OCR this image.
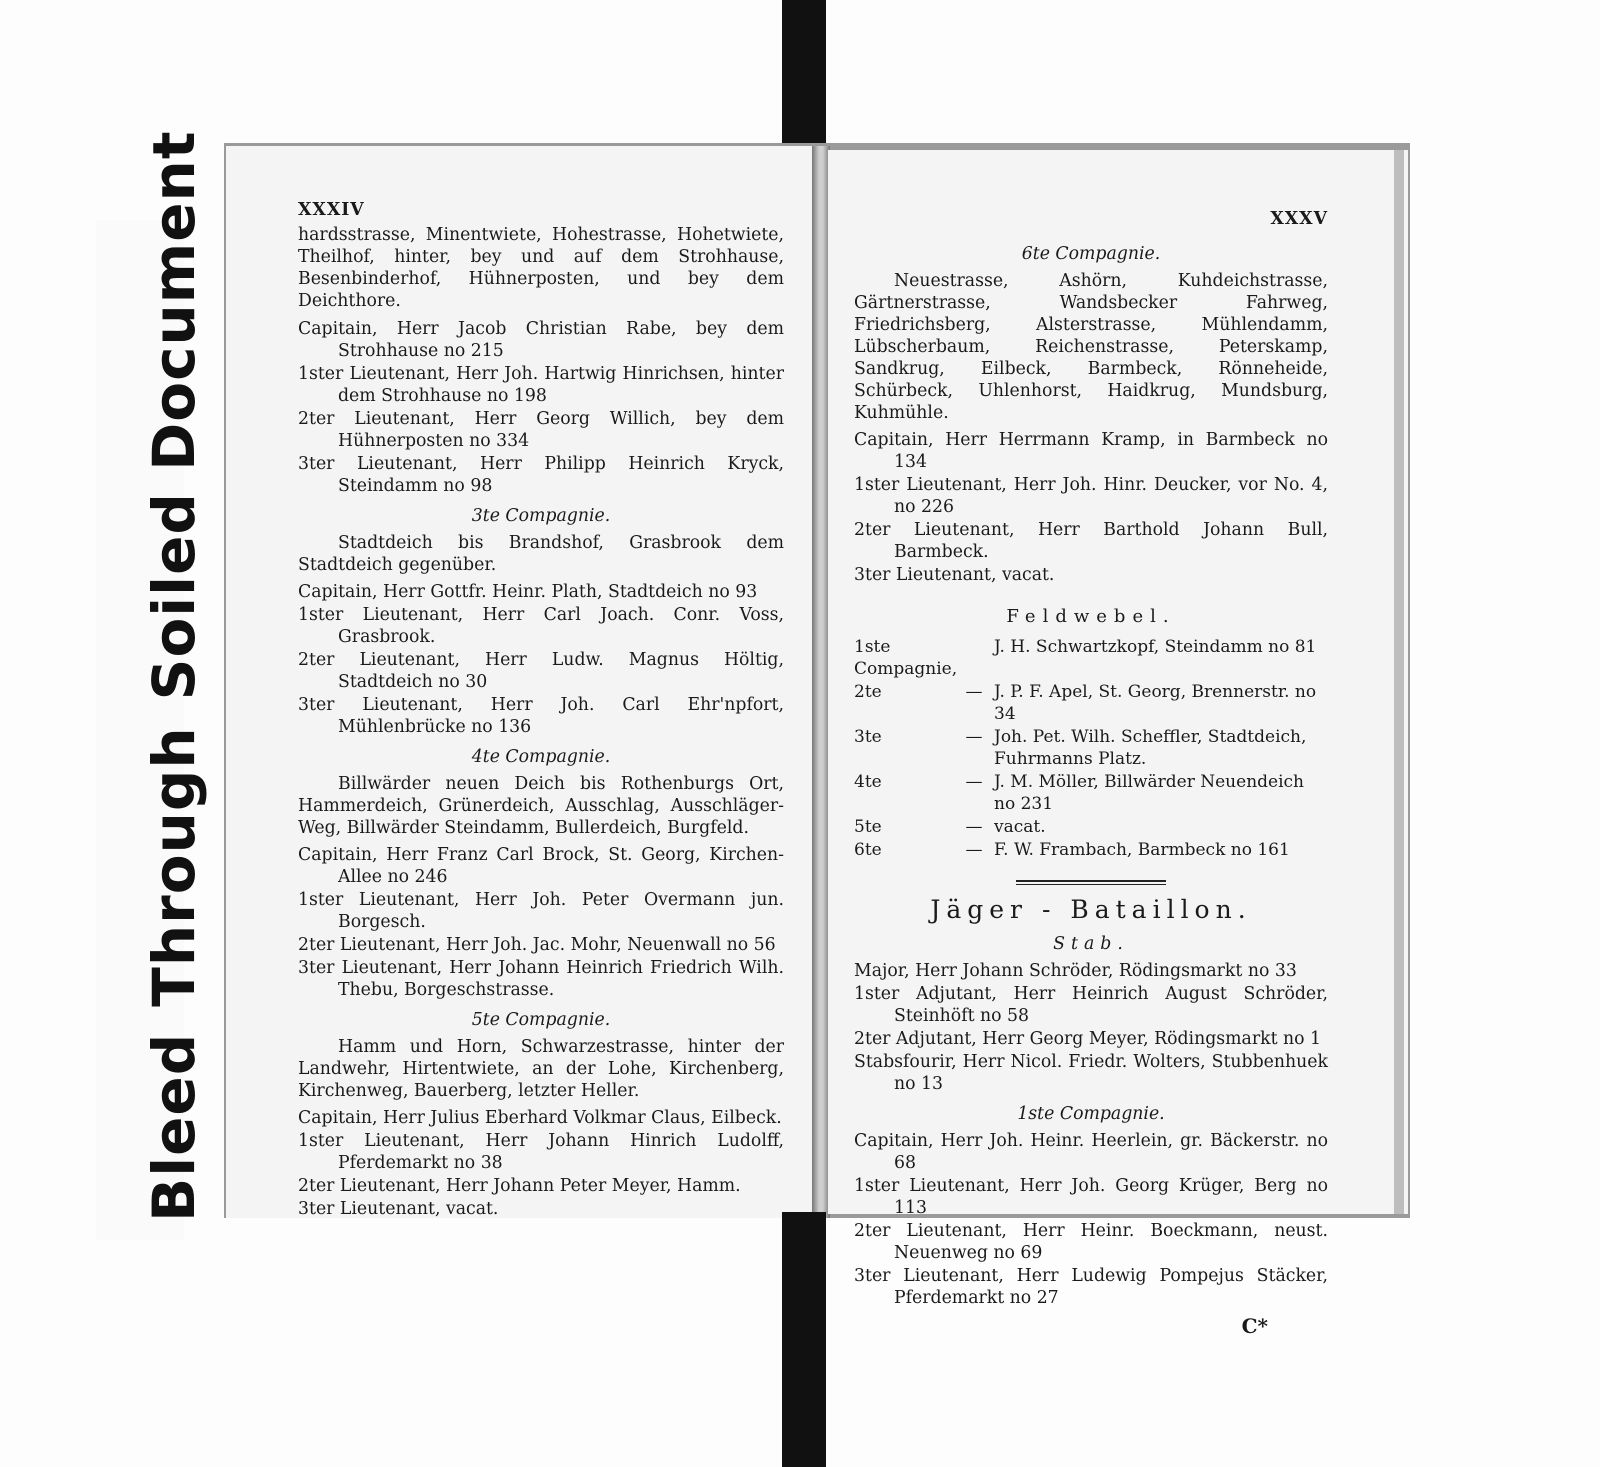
BleedThroughSoiled Document	XXXIV

hardsstrasse, Minentwiete, Hohestrasse, Hohetwiete, Theilhof, hinter, bey und auf dem Strohhause, Besenbinderhof, Hühnerposten, und bey dem Deichthore.

Capitain, Herr Jacob Christian Rabe, bey dem Strohhause no 215

1ster Lieutenant, Herr Joh. Hartwig Hinrichsen, hinter dem Strohhause no 198

2ter Lieutenant, Herr Georg Willich, bey dem Hühnerposten no 334

3ter Lieutenant, Herr Philipp Heinrich Kryck, Steindamm no 98

3te Compagnie.

Stadtdeich bis Brandshof, Grasbrook dem Stadtdeich gegenüber.

Capitain, Herr Gottfr. Heinr. Plath, Stadtdeich no 93

1ster Lieutenant, Herr Carl Joach. Conr. Voss, Grasbrook.

2ter Lieutenant, Herr Ludw. Magnus Höltig, Stadtdeich no 30

3ter Lieutenant, Herr Joh. Carl Ehr'npfort, Mühlenbrücke no 136

4te Compagnie.

Billwärder neuen Deich bis Rothenburgs Ort, Hammerdeich, Grünerdeich, Ausschlag, Ausschläger-Weg, Billwärder Steindamm, Bullerdeich, Burgfeld.

Capitain, Herr Franz Carl Brock, St. Georg, Kirchen-Allee no 246

1ster Lieutenant, Herr Joh. Peter Overmann jun. Borgesch.

2ter Lieutenant, Herr Joh. Jac. Mohr, Neuenwall no 56

3ter Lieutenant, Herr Johann Heinrich Friedrich Wilh. Thebu, Borgeschstrasse.

5te Compagnie.

Hamm und Horn, Schwarzestrasse, hinter der Landwehr, Hirtentwiete, an der Lohe, Kirchenberg, Kirchenweg, Bauerberg, letzter Heller.

Capitain, Herr Julius Eberhard Volkmar Claus, Eilbeck.

1ster Lieutenant, Herr Johann Hinrich Ludolff, Pferdemarkt no 38

2ter Lieutenant, Herr Johann Peter Meyer, Hamm.

3ter Lieutenant, vacat.

XXXV
6te Compagnie.

Neuestrasse, Ashörn, Kuhdeichstrasse, Gärtnerstrasse, Wandsbecker Fahrweg, Friedrichsberg, Alsterstrasse, Mühlendamm, Lübscherbaum, Reichenstrasse, Peterskamp, Sandkrug, Eilbeck, Barmbeck, Rönneheide, Schürbeck, Uhlenhorst, Haidkrug, Mundsburg, Kuhmühle.

Capitain, Herr Herrmann Kramp, in Barmbeck no 134

1ster Lieutenant, Herr Joh. Hinr. Deucker, vor No. 4, no 226

2ter Lieutenant, Herr Barthold Johann Bull, Barmbeck.

3ter Lieutenant, vacat.

Feldwebel.
1ste Compagnie,		J. H. Schwartzkopf, Steindamm no 81
2te	—	J. P. F. Apel, St. Georg, Brennerstr. no 34
3te	—	Joh. Pet. Wilh. Scheffler, Stadtdeich, Fuhrmanns Platz.
4te	—	J. M. Möller, Billwärder Neuendeich no 231
5te	—	vacat.
6te	—	F. W. Frambach, Barmbeck no 161
Jäger - Bataillon.
Stab.

Major, Herr Johann Schröder, Rödingsmarkt no 33

1ster Adjutant, Herr Heinrich August Schröder, Steinhöft no 58

2ter Adjutant, Herr Georg Meyer, Rödingsmarkt no 1

Stabsfourir, Herr Nicol. Friedr. Wolters, Stubbenhuek no 13

1ste Compagnie.

Capitain, Herr Joh. Heinr. Heerlein, gr. Bäckerstr. no 68

1ster Lieutenant, Herr Joh. Georg Krüger, Berg no 113

2ter Lieutenant, Herr Heinr. Boeckmann, neust. Neuenweg no 69

3ter Lieutenant, Herr Ludewig Pompejus Stäcker, Pferdemarkt no 27

C*
